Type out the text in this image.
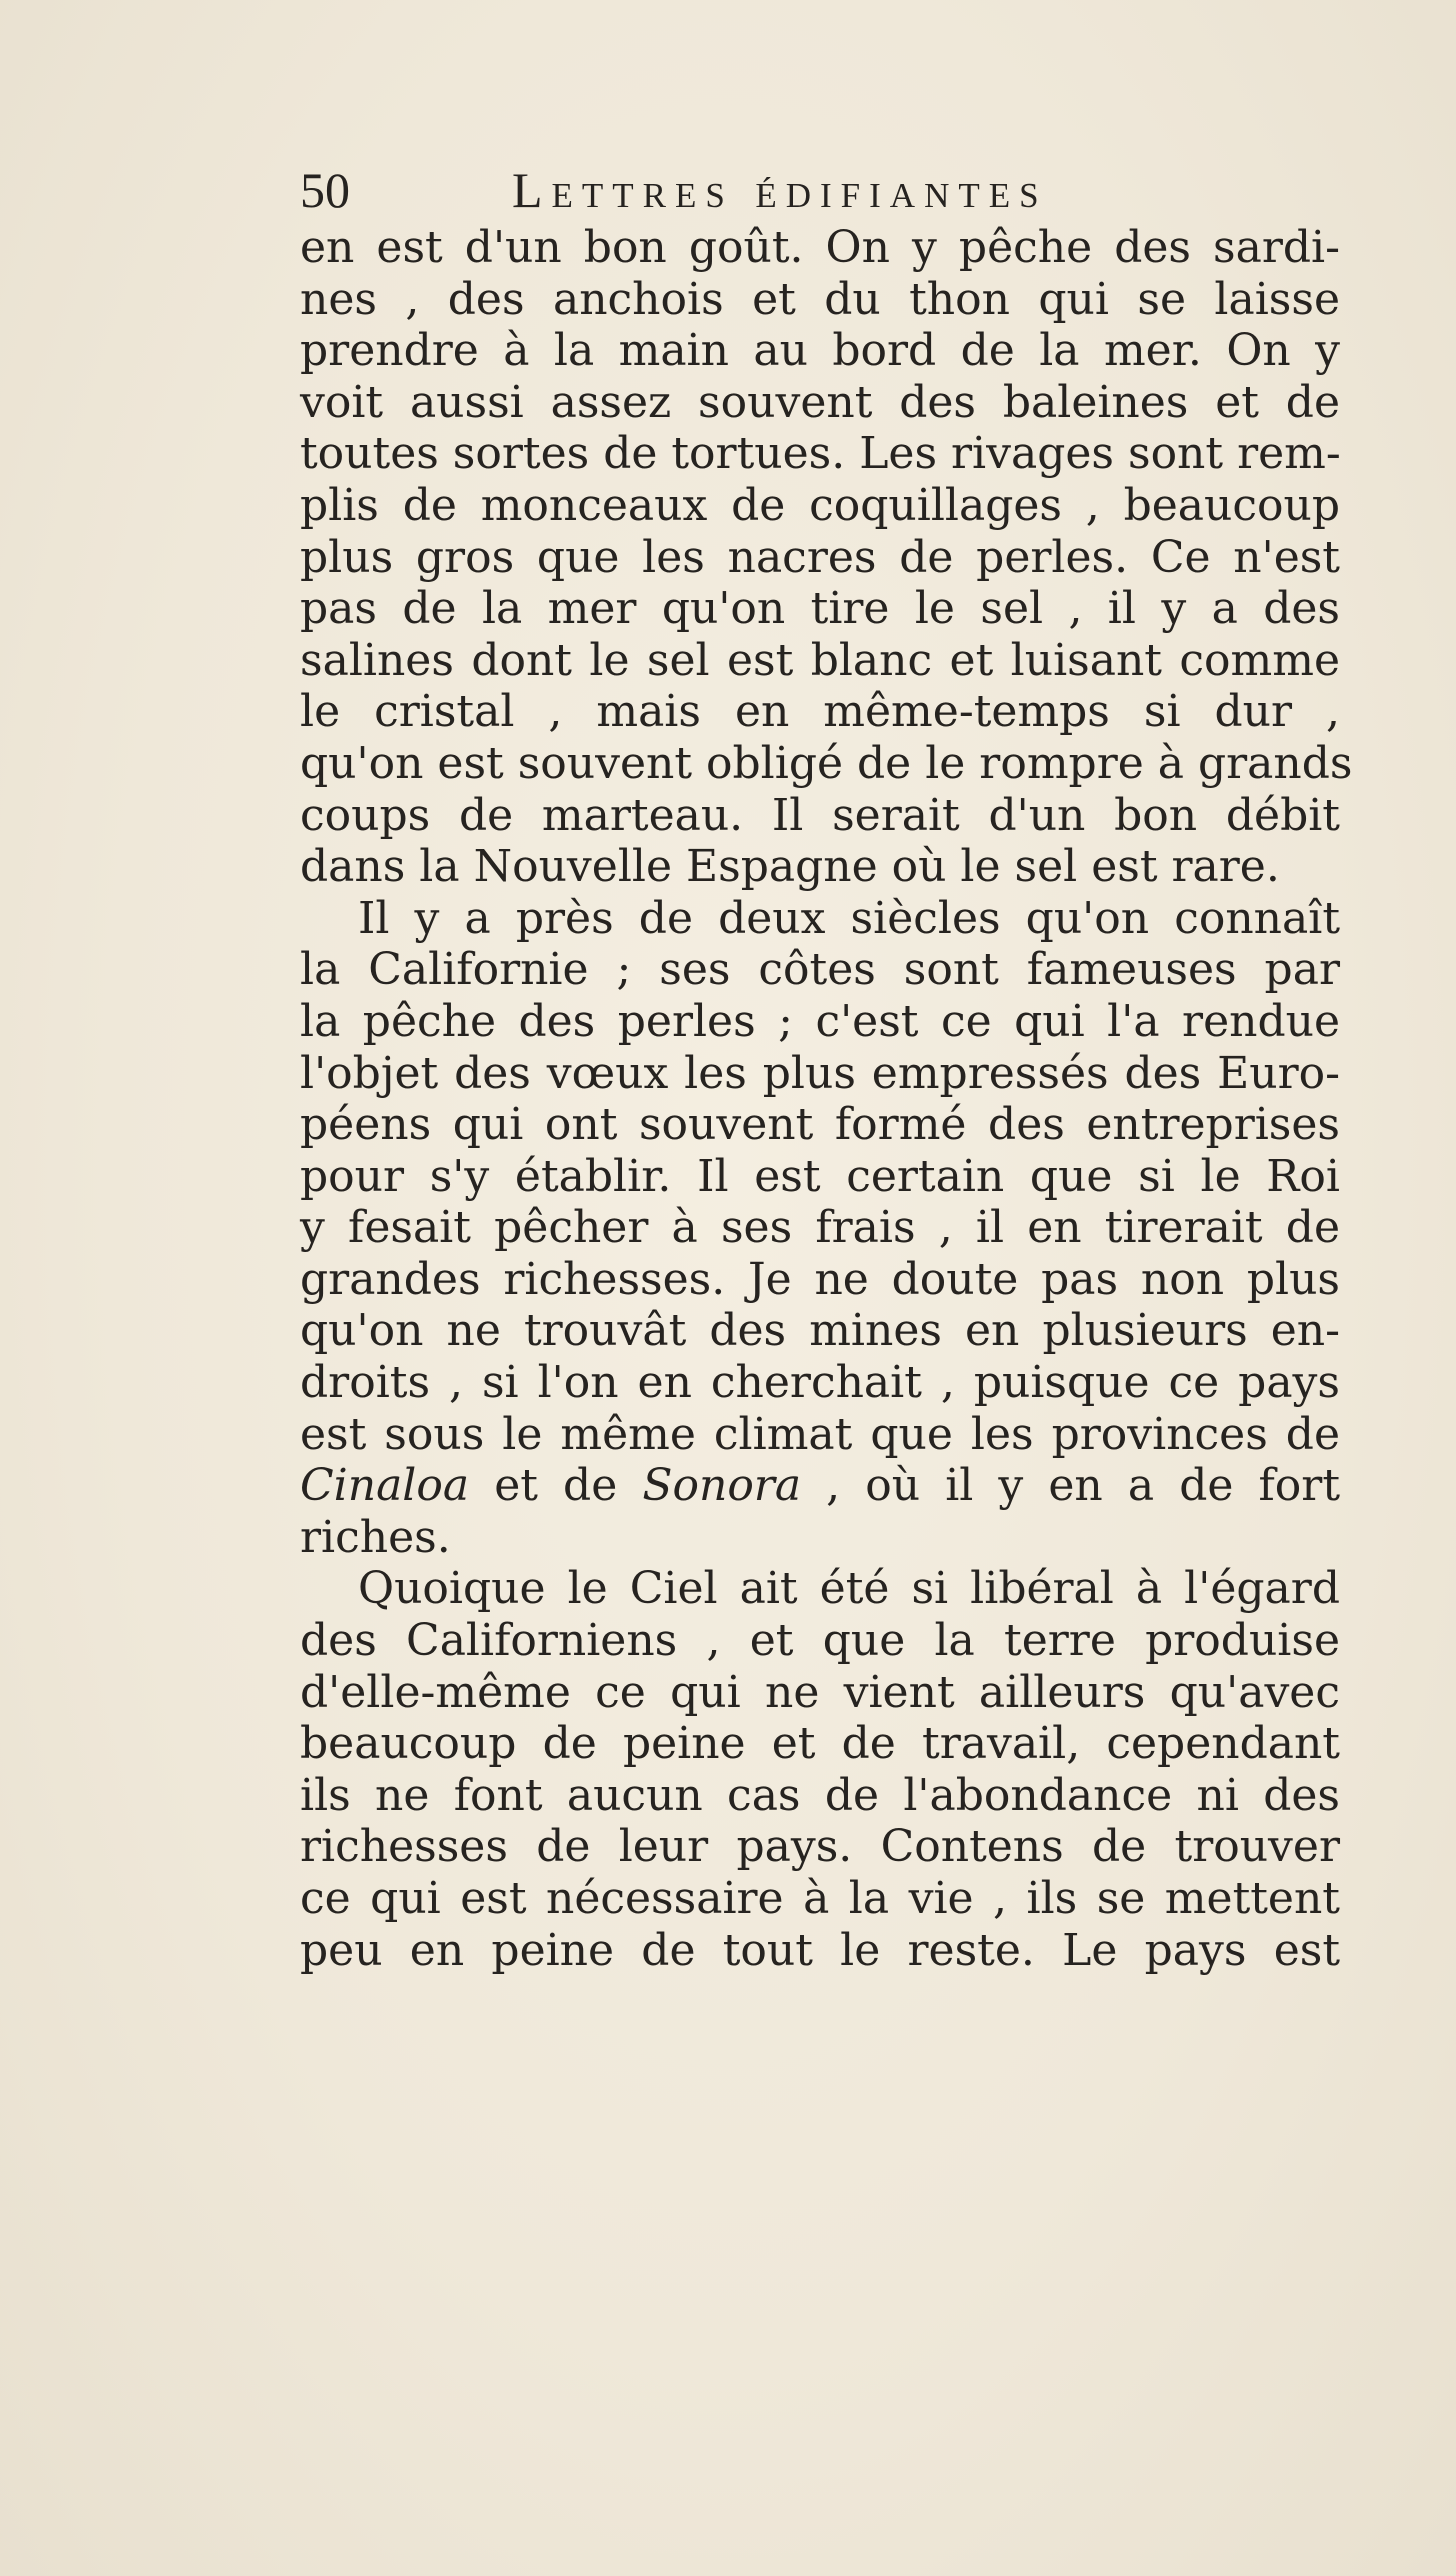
50	Lettres édifiantes
en est d'un bon goût. On y pêche des sardi-
nes , des anchois et du thon qui se laisse
prendre à la main au bord de la mer. On y
voit aussi assez souvent des baleines et de
toutes sortes de tortues. Les rivages sont rem-
plis de monceaux de coquillages , beaucoup
plus gros que les nacres de perles. Ce n'est
pas de la mer qu'on tire le sel , il y a des
salines dont le sel est blanc et luisant comme
le cristal , mais en même-temps si dur ,
qu'on est souvent obligé de le rompre à grands
coups de marteau. Il serait d'un bon débit
dans la Nouvelle Espagne où le sel est rare.
Il y a près de deux siècles qu'on connaît
la Californie ; ses côtes sont fameuses par
la pêche des perles ; c'est ce qui l'a rendue
l'objet des vœux les plus empressés des Euro-
péens qui ont souvent formé des entreprises
pour s'y établir. Il est certain que si le Roi
y fesait pêcher à ses frais , il en tirerait de
grandes richesses. Je ne doute pas non plus
qu'on ne trouvât des mines en plusieurs en-
droits , si l'on en cherchait , puisque ce pays
est sous le même climat que les provinces de
Cinaloa et de Sonora , où il y en a de fort
riches.
Quoique le Ciel ait été si libéral à l'égard
des Californiens , et que la terre produise
d'elle-même ce qui ne vient ailleurs qu'avec
beaucoup de peine et de travail, cependant
ils ne font aucun cas de l'abondance ni des
richesses de leur pays. Contens de trouver
ce qui est nécessaire à la vie , ils se mettent
peu en peine de tout le reste. Le pays est
